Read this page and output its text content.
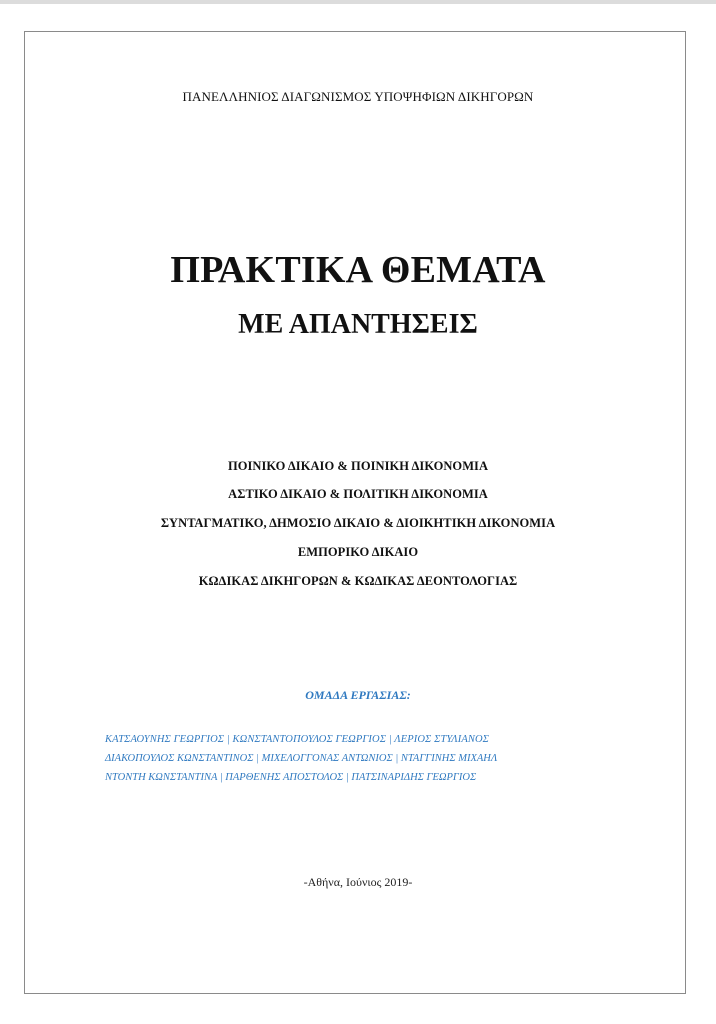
ΠΑΝΕΛΛΗΝΙΟΣ ΔΙΑΓΩΝΙΣΜΟΣ ΥΠΟΨΗΦΙΩΝ ΔΙΚΗΓΟΡΩΝ
ΠΡΑΚΤΙΚΑ ΘΕΜΑΤΑ
ΜΕ ΑΠΑΝΤΗΣΕΙΣ
ΠΟΙΝΙΚΟ ΔΙΚΑΙΟ & ΠΟΙΝΙΚΗ ΔΙΚΟΝΟΜΙΑ
ΑΣΤΙΚΟ ΔΙΚΑΙΟ & ΠΟΛΙΤΙΚΗ ΔΙΚΟΝΟΜΙΑ
ΣΥΝΤΑΓΜΑΤΙΚΟ, ΔΗΜΟΣΙΟ ΔΙΚΑΙΟ & ΔΙΟΙΚΗΤΙΚΗ ΔΙΚΟΝΟΜΙΑ
ΕΜΠΟΡΙΚΟ ΔΙΚΑΙΟ
ΚΩΔΙΚΑΣ ΔΙΚΗΓΟΡΩΝ & ΚΩΔΙΚΑΣ ΔΕΟΝΤΟΛΟΓΙΑΣ
ΟΜΑΔΑ ΕΡΓΑΣΙΑΣ:
ΚΑΤΣΑΟΥΝΗΣ ΓΕΩΡΓΙΟΣ | ΚΩΝΣΤΑΝΤΟΠΟΥΛΟΣ ΓΕΩΡΓΙΟΣ | ΛΕΡΙΟΣ ΣΤΥΛΙΑΝΟΣ
ΔΙΑΚΟΠΟΥΛΟΣ ΚΩΝΣΤΑΝΤΙΝΟΣ | ΜΙΧΕΛΟΓΓΟΝΑΣ ΑΝΤΩΝΙΟΣ | ΝΤΑΓΓΙΝΗΣ ΜΙΧΑΗΛ
ΝΤΟΝΤΗ ΚΩΝΣΤΑΝΤΙΝΑ | ΠΑΡΘΕΝΗΣ ΑΠΟΣΤΟΛΟΣ | ΠΑΤΣΙΝΑΡΙΔΗΣ ΓΕΩΡΓΙΟΣ
-Αθήνα, Ιούνιος 2019-
